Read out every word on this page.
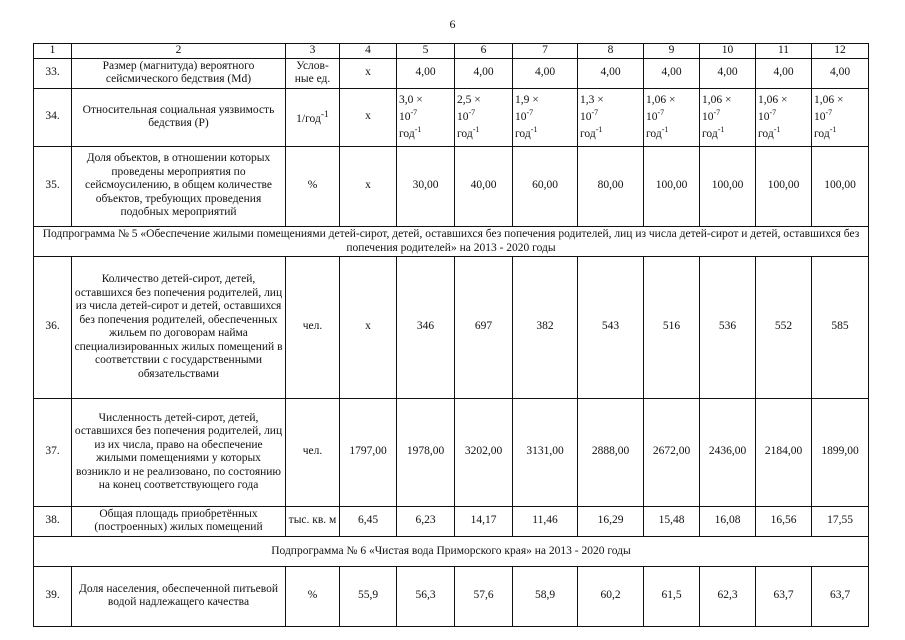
6
1	2	3	4	5	6	7	8	9	10	11	12
33.	Размер (магнитуда) вероятного сейсмического бедствия (Md)	Услов-ные ед.	x	4,00	4,00	4,00	4,00	4,00	4,00	4,00	4,00
34.	Относительная социальная уязвимость бедствия (P)	1/год$^{-1}$	x	3,0 ×
$10^{-7}$
год$^{-1}$	2,5 ×
$10^{-7}$
год$^{-1}$	1,9 ×
$10^{-7}$
год$^{-1}$	1,3 ×
$10^{-7}$
год$^{-1}$	1,06 ×
$10^{-7}$
год$^{-1}$	1,06 ×
$10^{-7}$
год$^{-1}$	1,06 ×
$10^{-7}$
год$^{-1}$	1,06 ×
$10^{-7}$
год$^{-1}$

35.	Доля объектов, в отношении которых проведены мероприятия по сейсмоусилению, в общем количестве объектов, требующих проведения подобных мероприятий	%	x	30,00	40,00	60,00	80,00	100,00	100,00	100,00	100,00
Подпрограмма № 5 «Обеспечение жилыми помещениями детей-сирот, детей, оставшихся без попечения родителей, лиц из числа детей-сирот и детей, оставшихся без попечения родителей» на 2013 - 2020 годы											
36.	Количество детей-сирот, детей, оставшихся без попечения родителей, лиц из числа детей-сирот и детей, оставшихся без попечения родителей, обеспеченных жильем по договорам найма специализированных жилых помещений в соответствии с государственными обязательствами	чел.	x	346	697	382	543	516	536	552	585
37.	Численность детей-сирот, детей, оставшихся без попечения родителей, лиц из их числа, право на обеспечение жилыми помещениями у которых возникло и не реализовано, по состоянию на конец соответствующего года	чел.	1797,00	1978,00	3202,00	3131,00	2888,00	2672,00	2436,00	2184,00	1899,00
38.	Общая площадь приобретённых (построенных) жилых помещений	тыс. кв. м	6,45	6,23	14,17	11,46	16,29	15,48	16,08	16,56	17,55
Подпрограмма № 6 «Чистая вода Приморского края» на 2013 - 2020 годы											
39.	Доля населения, обеспеченной питьевой водой надлежащего качества	%	55,9	56,3	57,6	58,9	60,2	61,5	62,3	63,7	63,7
